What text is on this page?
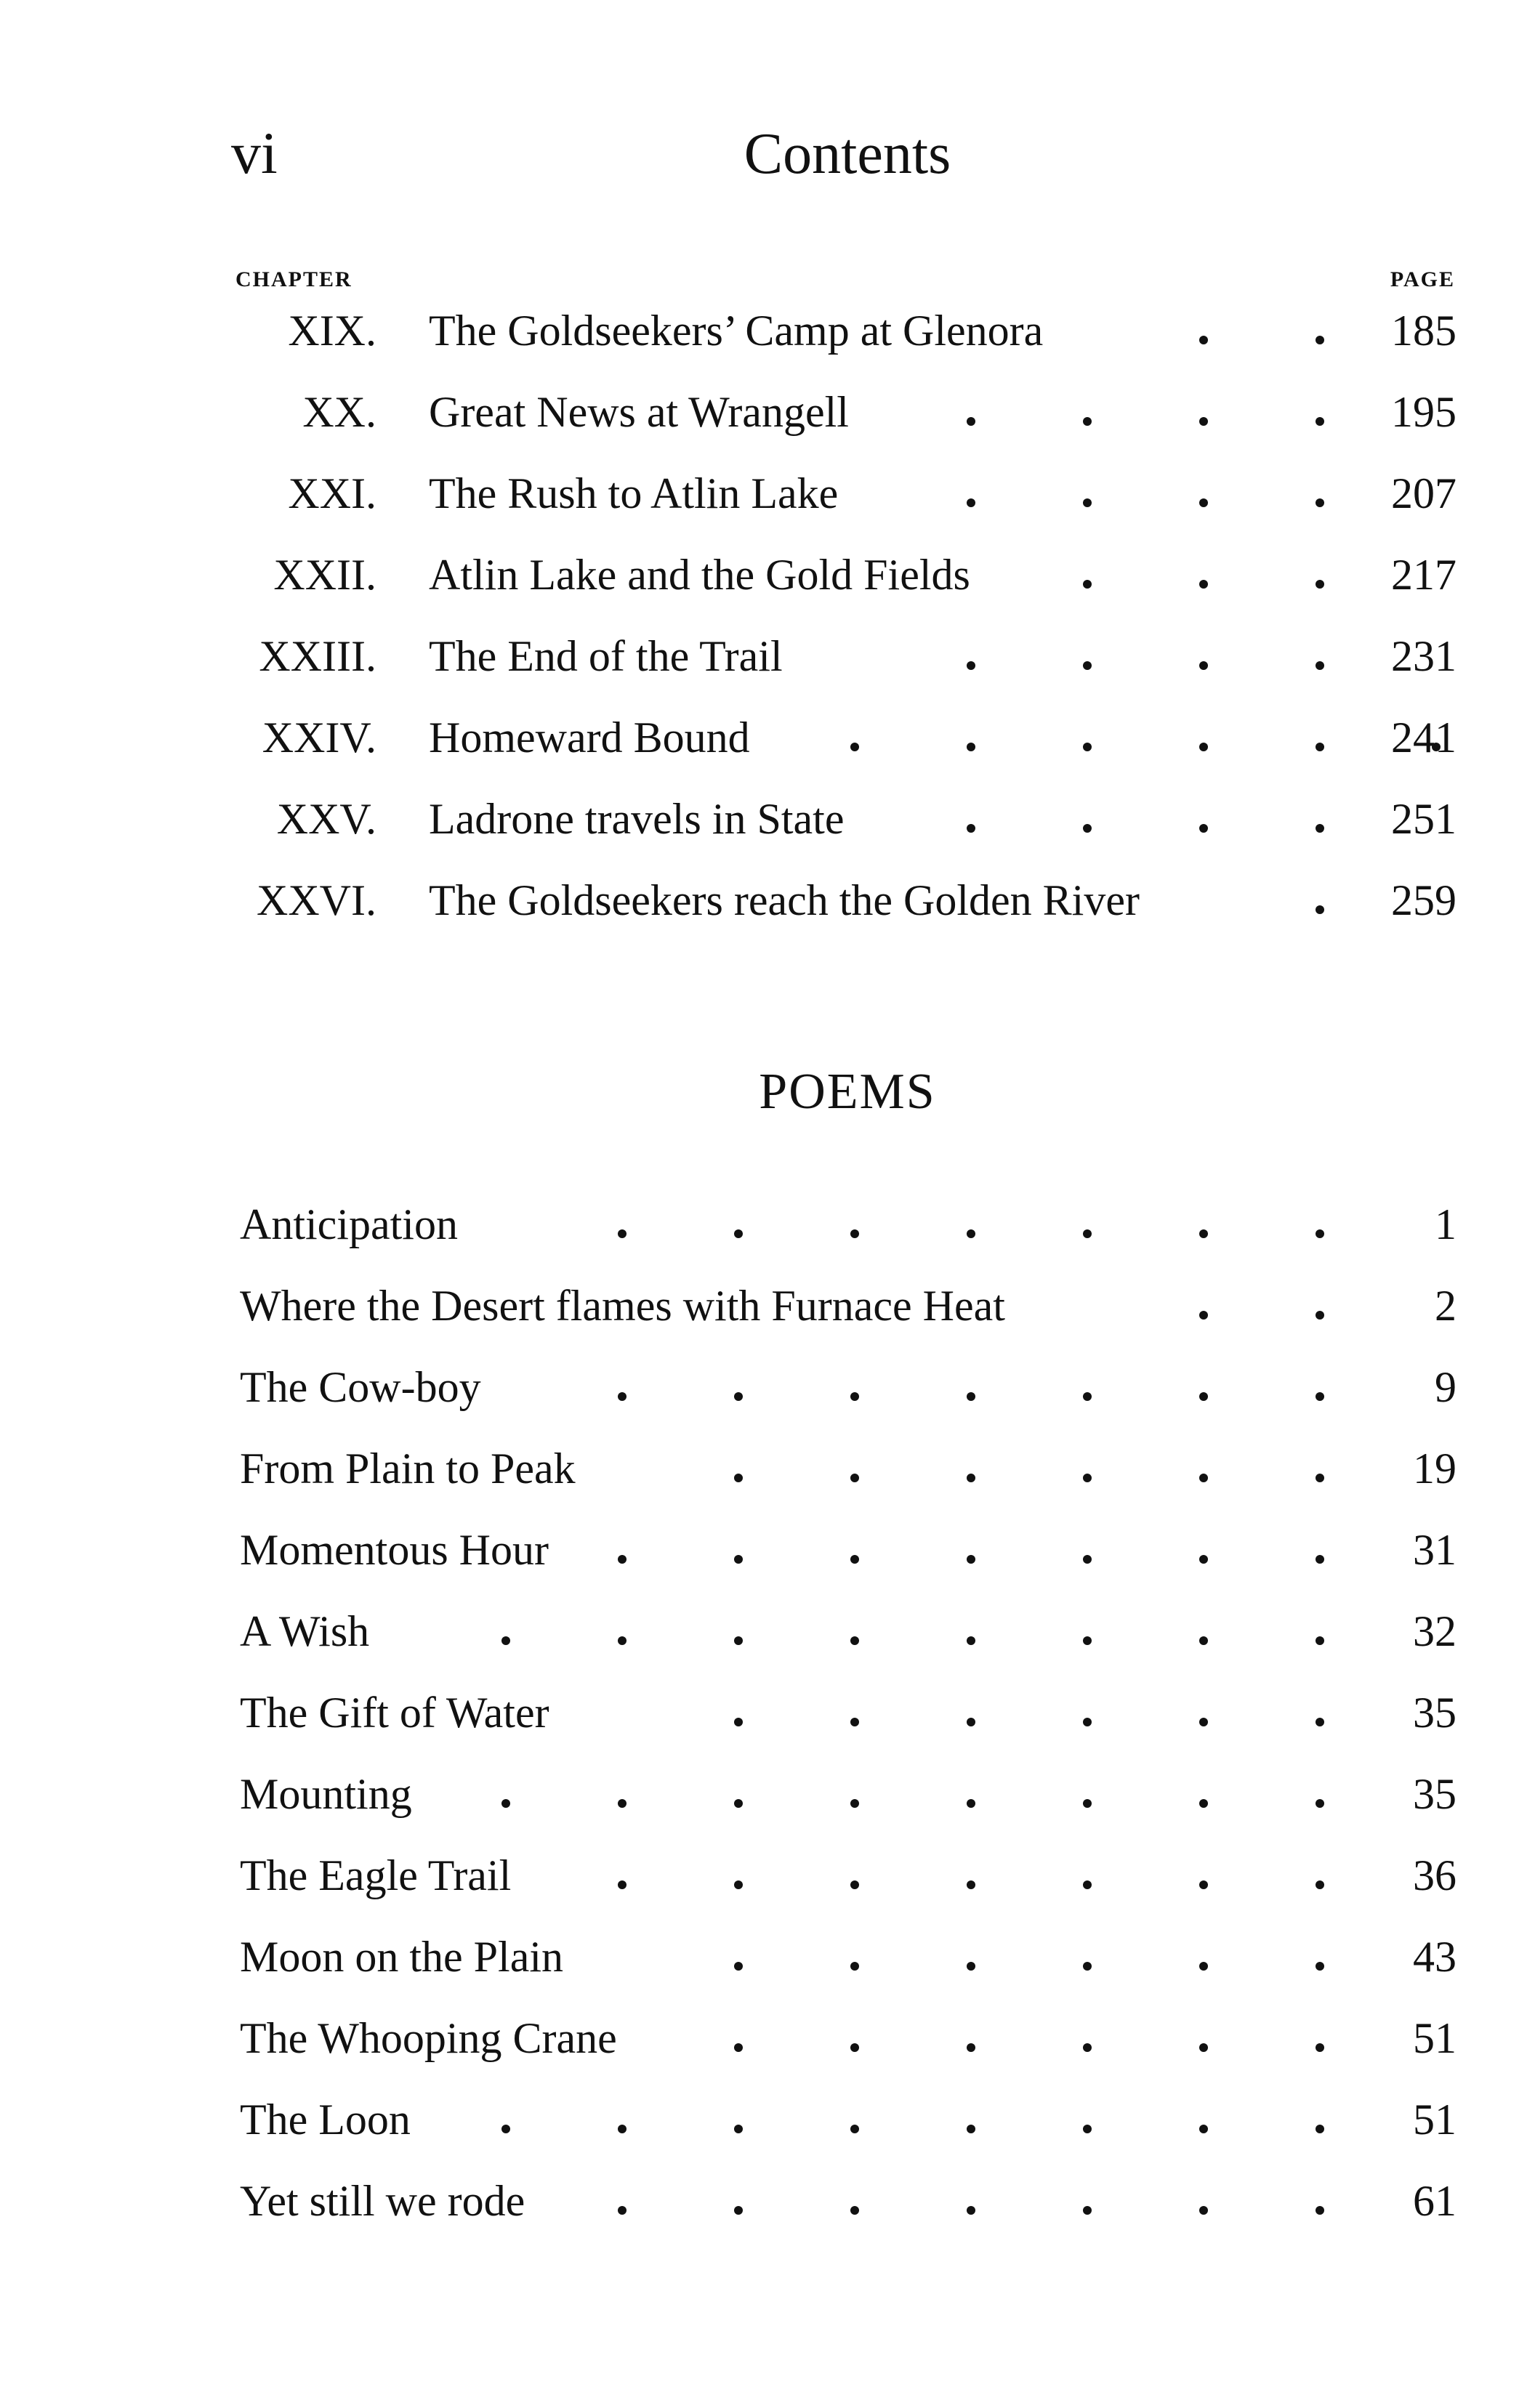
vi	Contents
CHAPTER	PAGE
XIX. The Goldseekers’ Camp at Glenora	185
XX. Great News at Wrangell	195
XXI. The Rush to Atlin Lake	207
XXII. Atlin Lake and the Gold Fields	217
XXIII. The End of the Trail	231
XXIV. Homeward Bound	241
XXV. Ladrone travels in State	251
XXVI. The Goldseekers reach the Golden River	259
POEMS
Anticipation	1
Where the Desert flames with Furnace Heat	2
The Cow-boy	9
From Plain to Peak	19
Momentous Hour	31
A Wish	32
The Gift of Water	35
Mounting	35
The Eagle Trail	36
Moon on the Plain	43
The Whooping Crane	51
The Loon	51
Yet still we rode	61
